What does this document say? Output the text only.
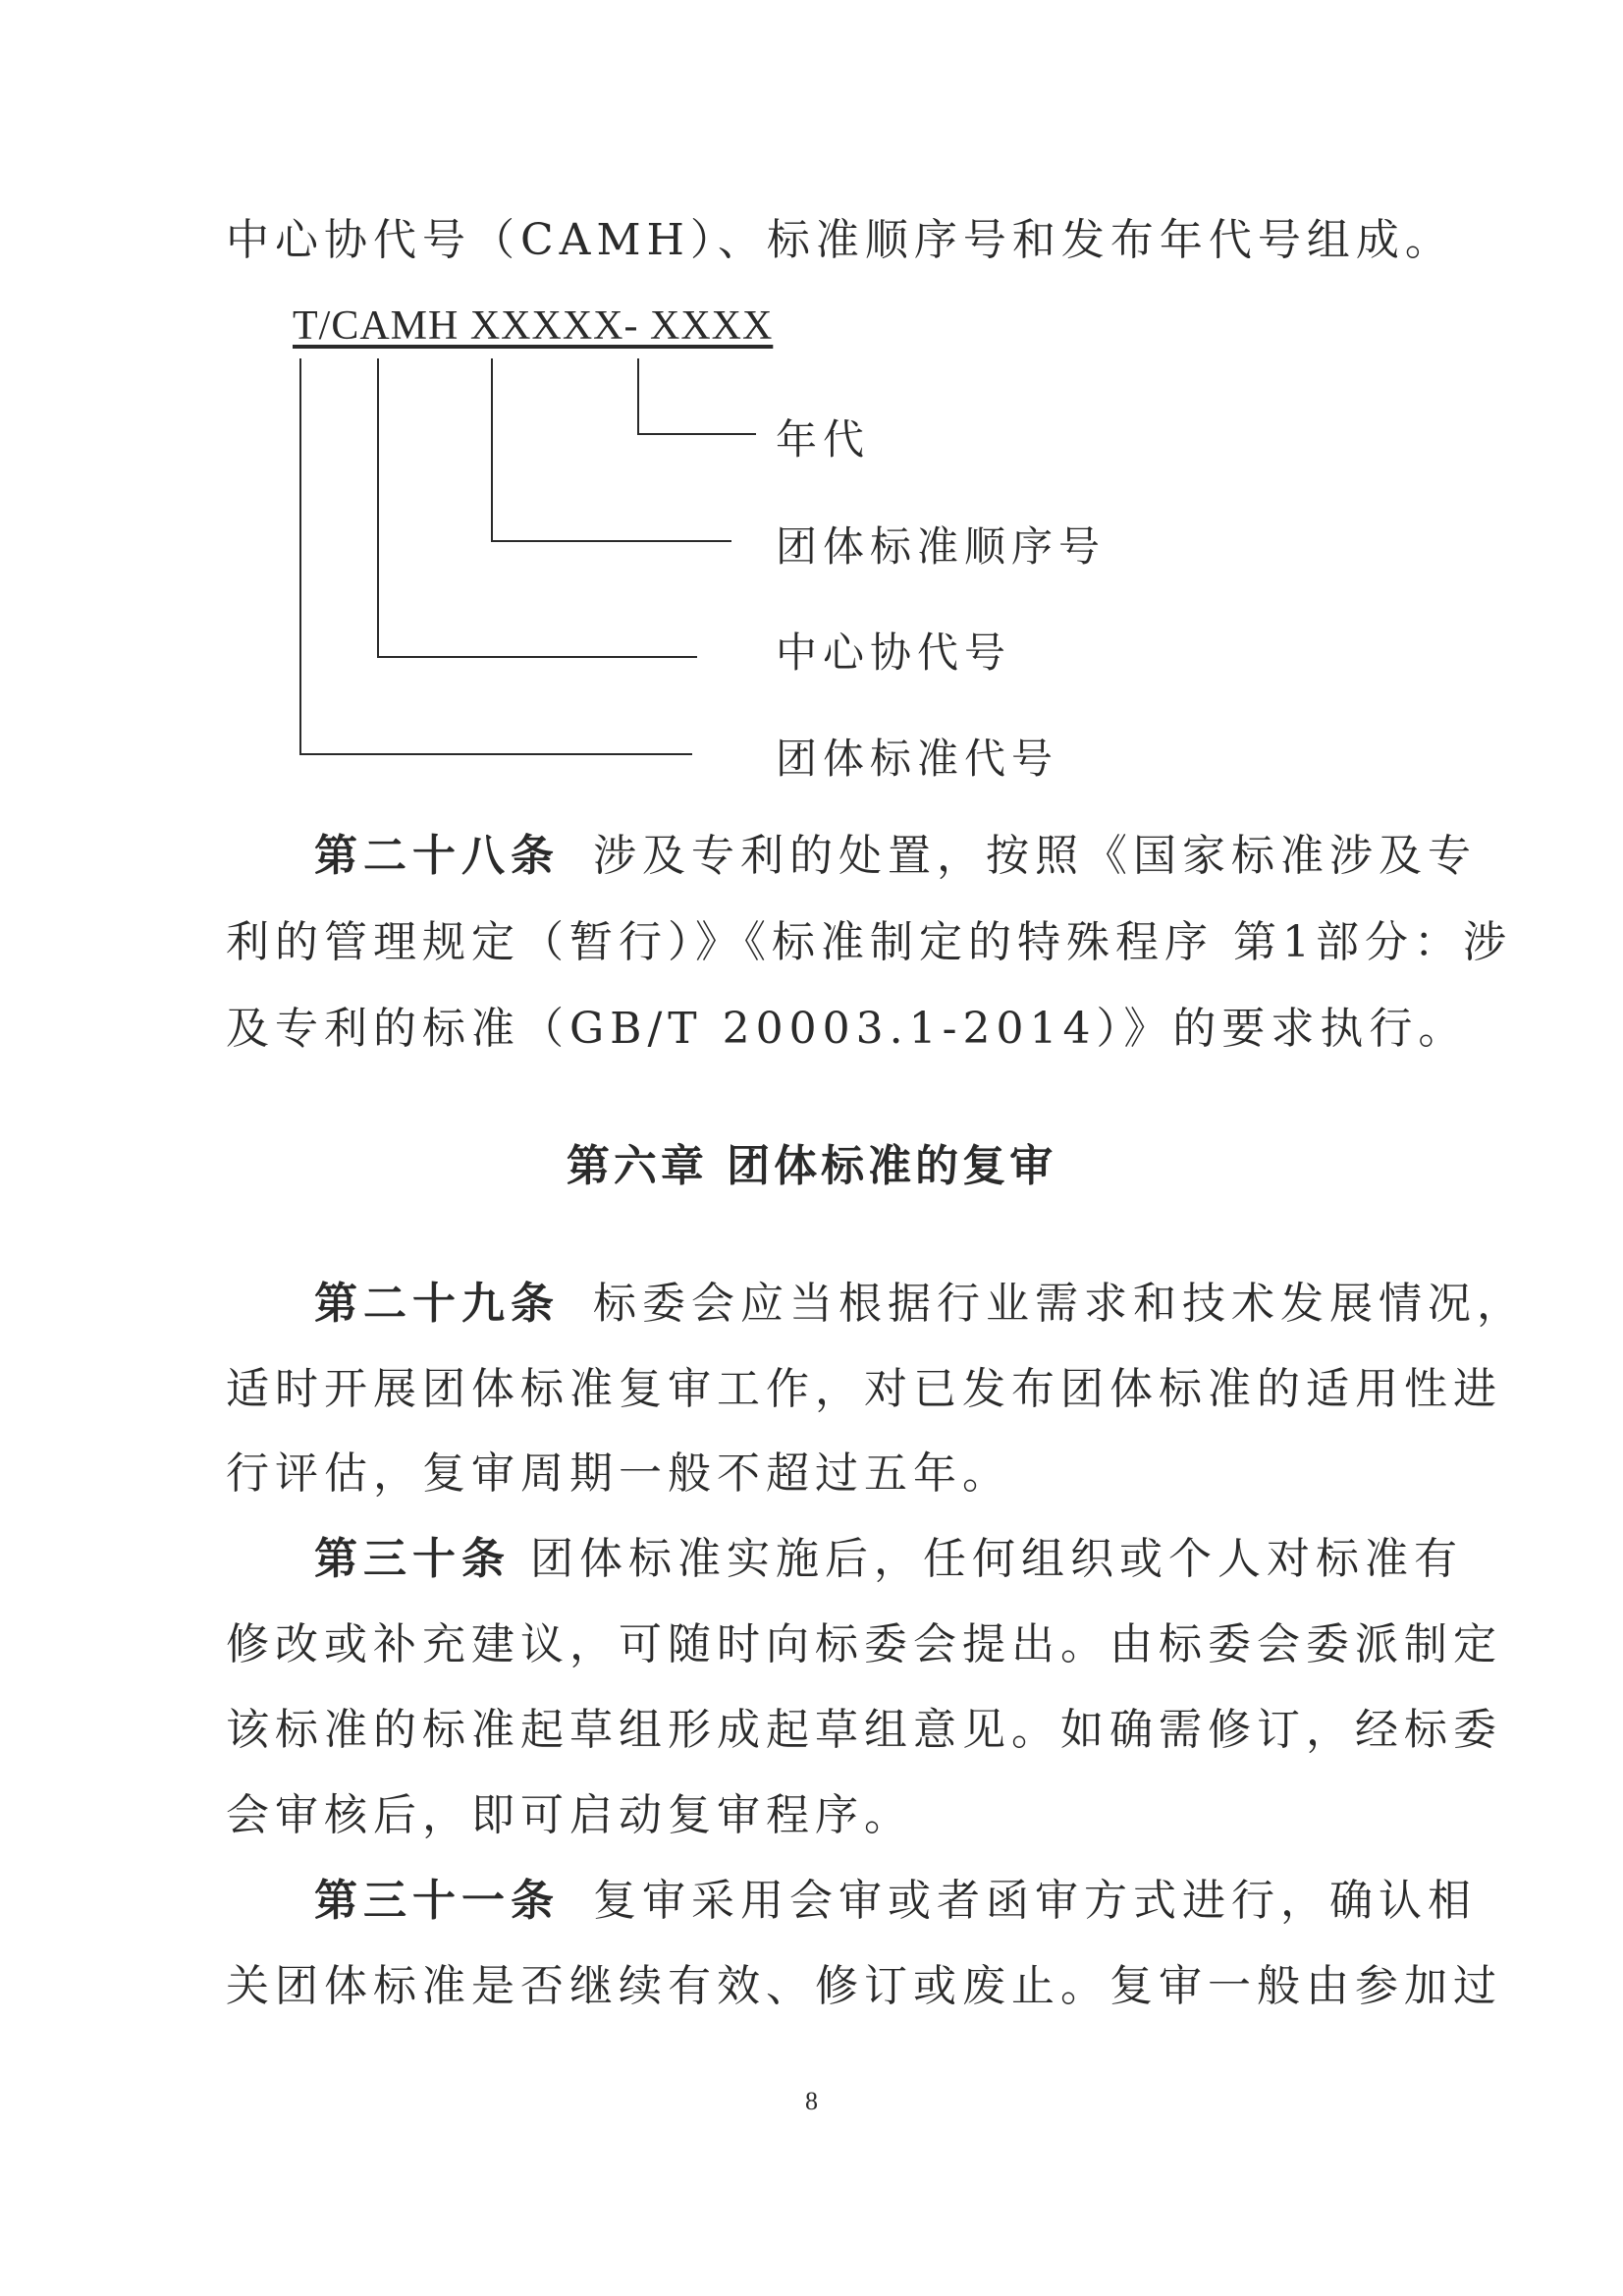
中心协代号（CAMH）、标准顺序号和发布年代号组成。
T/CAMH XXXXX- XXXX
年代
团体标准顺序号
中心协代号
团体标准代号
第二十八条 涉及专利的处置，按照《国家标准涉及专
利的管理规定（暂行）》《标准制定的特殊程序 第1部分：涉
及专利的标准（GB/T 20003.1-2014）》的要求执行。
第六章 团体标准的复审
第二十九条 标委会应当根据行业需求和技术发展情况，
适时开展团体标准复审工作，对已发布团体标准的适用性进
行评估，复审周期一般不超过五年。
第三十条 团体标准实施后，任何组织或个人对标准有
修改或补充建议，可随时向标委会提出。由标委会委派制定
该标准的标准起草组形成起草组意见。如确需修订，经标委
会审核后，即可启动复审程序。
第三十一条 复审采用会审或者函审方式进行，确认相
关团体标准是否继续有效、修订或废止。复审一般由参加过
8
